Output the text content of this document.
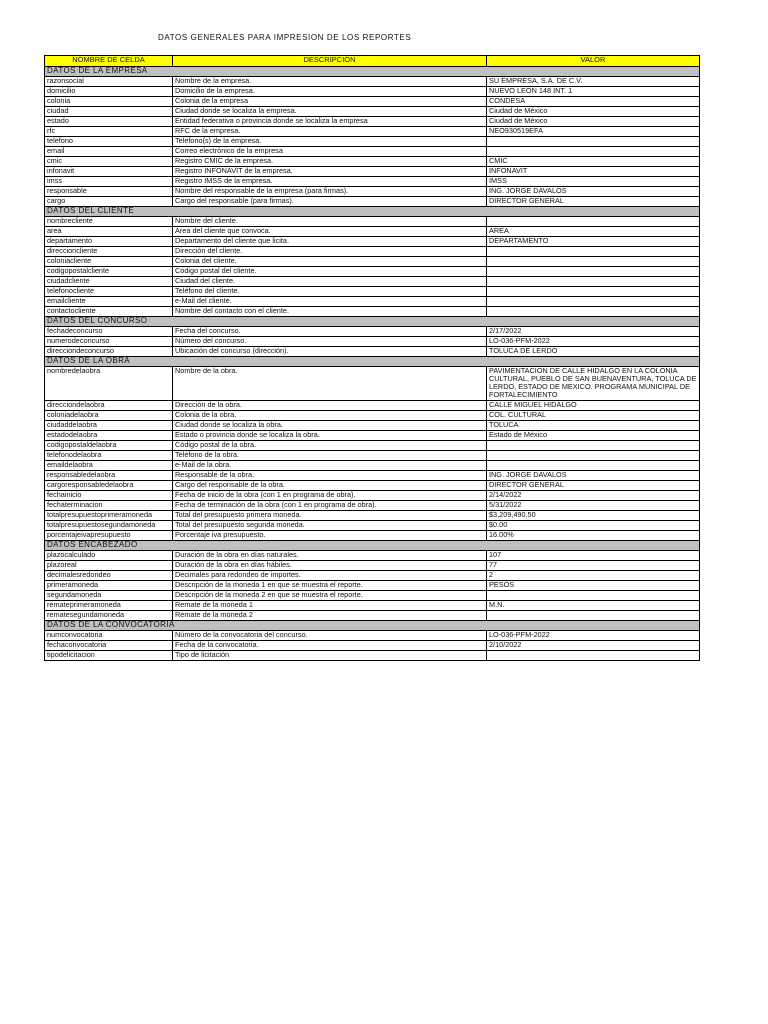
DATOS GENERALES PARA IMPRESION DE LOS REPORTES
NOMBRE DE CELDA	DESCRIPCION	VALOR
DATOS DE LA EMPRESA		
razonsocial	Nombre de la empresa.	SU EMPRESA, S.A. DE C.V.
domicilio	Domicilio de la empresa.	NUEVO LEON 148 INT. 1
colonia	Colonia de la empresa	CONDESA
ciudad	Ciudad donde se localiza la empresa.	Ciudad de México
estado	Entidad federativa o provincia donde se localiza la empresa	Ciudad de México
rfc	RFC de la empresa.	NEO930519EFA
telefono	Telefono(s) de la empresa.	
email	Correo electrónico de la empresa	
cmic	Registro CMIC de la empresa.	CMIC
infonavit	Registro INFONAVIT de la empresa.	INFONAVIT
imss	Registro IMSS de la empresa.	IMSS
responsable	Nombre del responsable de la empresa (para firmas).	ING. JORGE DAVALOS
cargo	Cargo del responsable (para firmas).	DIRECTOR GENERAL
DATOS DEL CLIENTE		
nombrecliente	Nombre del cliente.	
area	Area del cliente que convoca.	AREA
departamento	Departamento del cliente que licita.	DEPARTAMENTO
direccioncliente	Dirección del cliente.	
coloniacliente	Colonia del cliente.	
codigopostalcliente	Código postal del cliente.	
ciudadcliente	Ciudad del cliente.	
telefonocliente	Teléfono del cliente.	
emailcliente	e-Mail del cliente.	
contactocliente	Nombre del contacto con el cliente.	
DATOS DEL CONCURSO		
fechadeconcurso	Fecha del concurso.	2/17/2022
numerodeconcurso	Número del concurso.	LO-036-PFM-2022
direcciondeconcurso	Ubicación del concurso (dirección).	TOLUCA DE LERDO
DATOS DE LA OBRA		
nombredelaobra	Nombre de la obra.	PAVIMENTACION DE CALLE HIDALGO EN LA COLONIA CULTURAL, PUEBLO DE SAN BUENAVENTURA, TOLUCA DE LERDO, ESTADO DE MEXICO. PROGRAMA MUNICIPAL DE FORTALECIMIENTO
direcciondelaobra	Dirección de la obra.	CALLE MIGUEL HIDALGO
coloniadelaobra	Colonia de la obra.	COL. CULTURAL
ciudaddelaobra	Ciudad donde se localiza la obra.	TOLUCA
estadodelaobra	Estado o provincia donde se localiza la obra.	Estado de México
codigopostaldelaobra	Código postal de la obra.	
telefonodelaobra	Teléfono de la obra.	
emaildelaobra	e-Mail de la obra.	
responsabledelaobra	Responsable de la obra.	ING. JORGE DAVALOS
cargoresponsabledelaobra	Cargo del responsable de la obra.	DIRECTOR GENERAL
fechainicio	Fecha de inicio de la obra (con 1 en programa de obra).	2/14/2022
fechaterminacion	Fecha de terminación de la obra (con 1 en programa de obra).	5/31/2022
totalpresupuestoprimeramoneda	Total del presupuesto primera moneda.	$3,209,490.50
totalpresupuestosegundamoneda	Total del presupuesto segunda moneda.	$0.00
porcentajeivapresupuesto	Porcentaje iva presupuesto.	16.00%
DATOS ENCABEZADO		
plazocalculado	Duración de la obra en días naturales.	107
plazoreal	Duración de la obra en días hábiles.	77
decimalesredondeo	Decimales para redondeo de importes.	2
primeramoneda	Descripción de la moneda 1 en que se muestra el reporte.	PESOS
segundamoneda	Descripción de la moneda 2 en que se muestra el reporte.	
remateprimeramoneda	Remate de la moneda 1	M.N.
rematesegundamoneda	Remate de la moneda 2	
DATOS DE LA CONVOCATORIA		
numconvocatoria	Número de la convocatoria del concurso.	LO-036-PFM-2022
fechaconvocatoria	Fecha de la convocatoria.	2/10/2022
tipodelicitacion	Tipo de licitación	
